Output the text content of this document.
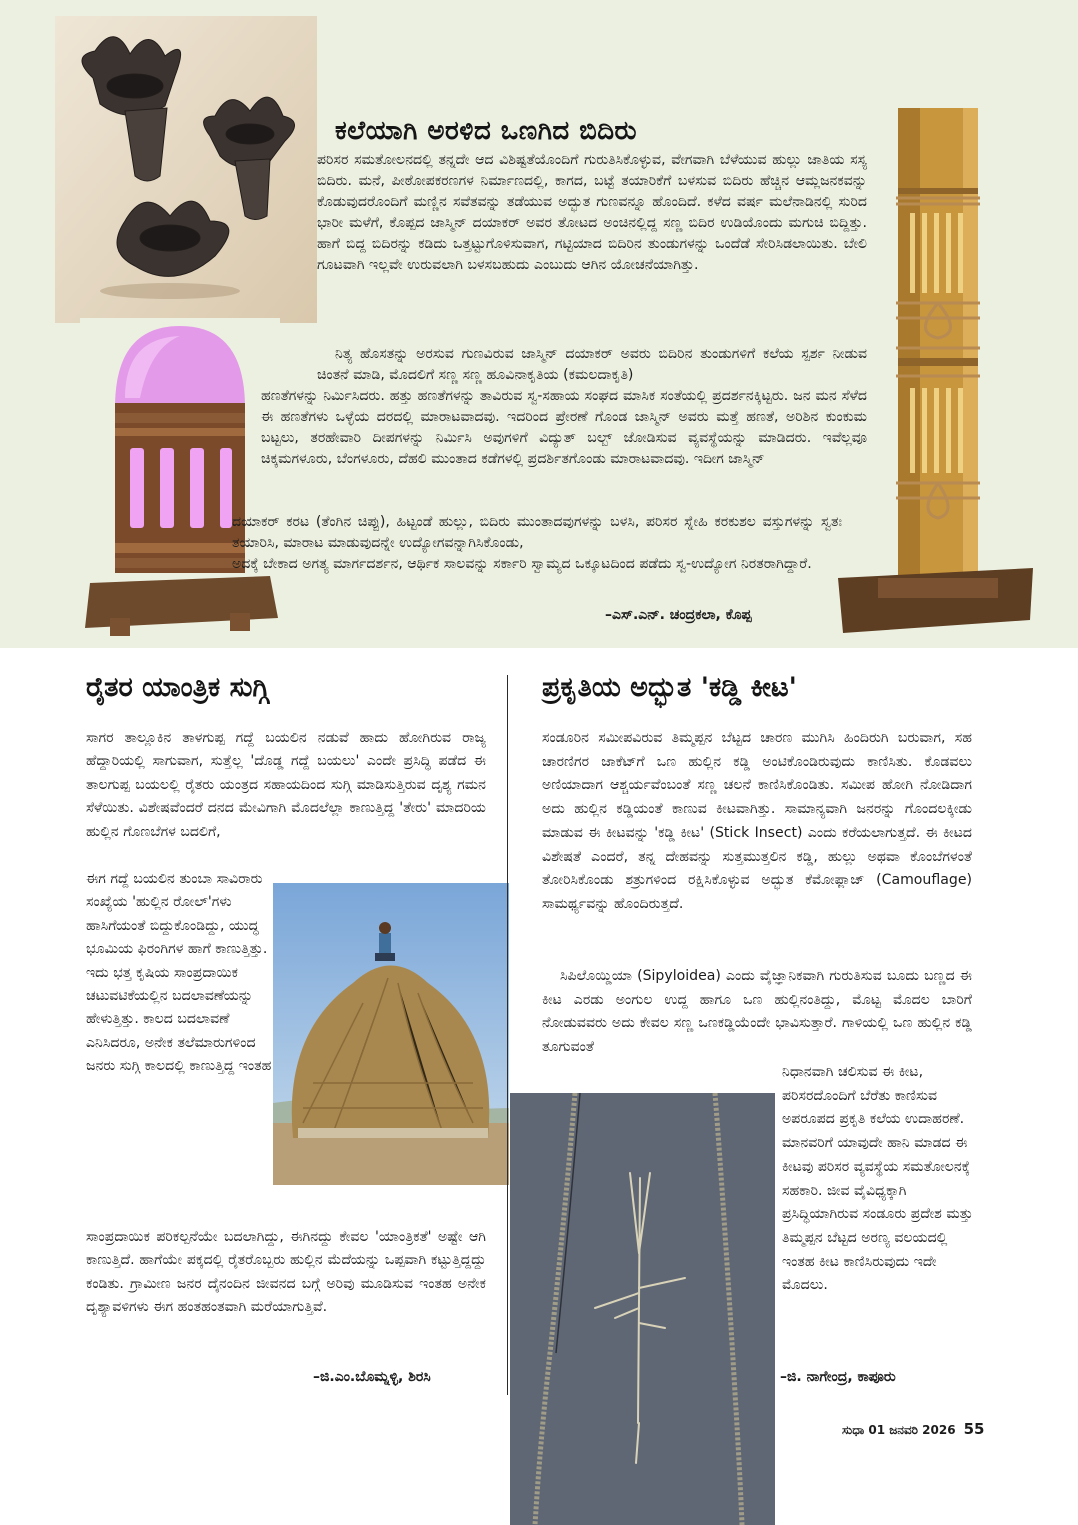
ಕಲೆಯಾಗಿ ಅರಳಿದ ಒಣಗಿದ ಬಿದಿರು

ಪರಿಸರ ಸಮತೋಲನದಲ್ಲಿ ತನ್ನದೇ ಆದ ವಿಶಿಷ್ಟತೆಯೊಂದಿಗೆ ಗುರುತಿಸಿಕೊಳ್ಳುವ, ವೇಗವಾಗಿ ಬೆಳೆಯುವ ಹುಲ್ಲು ಜಾತಿಯ ಸಸ್ಯ ಬಿದಿರು. ಮನೆ, ಪೀಠೋಪಕರಣಗಳ ನಿರ್ಮಾಣದಲ್ಲಿ, ಕಾಗದ, ಬಟ್ಟೆ ತಯಾರಿಕೆಗೆ ಬಳಸುವ ಬಿದಿರು ಹೆಚ್ಚಿನ ಆಮ್ಲಜನಕವನ್ನು ಕೊಡುವುದರೊಂದಿಗೆ ಮಣ್ಣಿನ ಸವೆತವನ್ನು ತಡೆಯುವ ಅದ್ಭುತ ಗುಣವನ್ನೂ ಹೊಂದಿದೆ. ಕಳೆದ ವರ್ಷ ಮಲೆನಾಡಿನಲ್ಲಿ ಸುರಿದ ಭಾರೀ ಮಳೆಗೆ, ಕೊಪ್ಪದ ಜಾಸ್ಮಿನ್ ದಯಾಕರ್ ಅವರ ತೋಟದ ಅಂಚಿನಲ್ಲಿದ್ದ ಸಣ್ಣ ಬಿದಿರ ಉಡಿಯೊಂದು ಮಗುಚಿ ಬಿದ್ದಿತ್ತು. ಹಾಗೆ ಬಿದ್ದ ಬಿದಿರನ್ನು ಕಡಿದು ಒತ್ತಟ್ಟುಗೊಳಿಸುವಾಗ, ಗಟ್ಟಿಯಾದ ಬಿದಿರಿನ ತುಂಡುಗಳನ್ನು ಒಂದೆಡೆ ಸೇರಿಸಿಡಲಾಯಿತು. ಬೇಲಿ ಗೂಟವಾಗಿ ಇಲ್ಲವೇ ಉರುವಲಾಗಿ ಬಳಸಬಹುದು ಎಂಬುದು ಆಗಿನ ಯೋಚನೆಯಾಗಿತ್ತು.

ನಿತ್ಯ ಹೊಸತನ್ನು ಅರಸುವ ಗುಣವಿರುವ ಜಾಸ್ಮಿನ್ ದಯಾಕರ್ ಅವರು ಬಿದಿರಿನ ತುಂಡುಗಳಿಗೆ ಕಲೆಯ ಸ್ಪರ್ಶ ನೀಡುವ ಚಿಂತನೆ ಮಾಡಿ, ಮೊದಲಿಗೆ ಸಣ್ಣ ಸಣ್ಣ ಹೂವಿನಾಕೃತಿಯ (ಕಮಲದಾಕೃತಿ)

ಹಣತೆಗಳನ್ನು ನಿರ್ಮಿಸಿದರು. ಹತ್ತು ಹಣತೆಗಳನ್ನು ತಾವಿರುವ ಸ್ವ-ಸಹಾಯ ಸಂಘದ ಮಾಸಿಕ ಸಂತೆಯಲ್ಲಿ ಪ್ರದರ್ಶನಕ್ಕಿಟ್ಟರು. ಜನ ಮನ ಸೆಳೆದ ಈ ಹಣತೆಗಳು ಒಳ್ಳೆಯ ದರದಲ್ಲಿ ಮಾರಾಟವಾದವು. ಇದರಿಂದ ಪ್ರೇರಣೆ ಗೊಂಡ ಜಾಸ್ಮಿನ್ ಅವರು ಮತ್ತೆ ಹಣತೆ, ಅರಿಶಿನ ಕುಂಕುಮ ಬಟ್ಟಲು, ತರಹೇವಾರಿ ದೀಪಗಳನ್ನು ನಿರ್ಮಿಸಿ ಅವುಗಳಿಗೆ ವಿದ್ಯುತ್ ಬಲ್ಬ್ ಜೋಡಿಸುವ ವ್ಯವಸ್ಥೆಯನ್ನು ಮಾಡಿದರು. ಇವೆಲ್ಲವೂ ಚಿಕ್ಕಮಗಳೂರು, ಬೆಂಗಳೂರು, ದೆಹಲಿ ಮುಂತಾದ ಕಡೆಗಳಲ್ಲಿ ಪ್ರದರ್ಶಿತಗೊಂಡು ಮಾರಾಟವಾದವು. ಇದೀಗ ಜಾಸ್ಮಿನ್

ದಯಾಕರ್ ಕರಟ (ತೆಂಗಿನ ಚಿಪ್ಪು), ಹಿಟ್ಟಂಡೆ ಹುಲ್ಲು, ಬಿದಿರು ಮುಂತಾದವುಗಳನ್ನು ಬಳಸಿ, ಪರಿಸರ ಸ್ನೇಹಿ ಕರಕುಶಲ ವಸ್ತುಗಳನ್ನು ಸ್ವತಃ ತಯಾರಿಸಿ, ಮಾರಾಟ ಮಾಡುವುದನ್ನೇ ಉದ್ಯೋಗವನ್ನಾಗಿಸಿಕೊಂಡು,

ಅದಕ್ಕೆ ಬೇಕಾದ ಅಗತ್ಯ ಮಾರ್ಗದರ್ಶನ, ಆರ್ಥಿಕ ಸಾಲವನ್ನು ಸರ್ಕಾರಿ ಸ್ವಾಮ್ಯದ ಒಕ್ಕೂಟದಿಂದ ಪಡೆದು ಸ್ವ-ಉದ್ಯೋಗ ನಿರತರಾಗಿದ್ದಾರೆ.

–ಎಸ್.ಎನ್. ಚಂದ್ರಕಲಾ, ಕೊಪ್ಪ
ರೈತರ ಯಾಂತ್ರಿಕ ಸುಗ್ಗಿ

ಸಾಗರ ತಾಲ್ಲೂಕಿನ ತಾಳಗುಪ್ಪ ಗದ್ದೆ ಬಯಲಿನ ನಡುವೆ ಹಾದು ಹೋಗಿರುವ ರಾಜ್ಯ ಹೆದ್ದಾರಿಯಲ್ಲಿ ಸಾಗುವಾಗ, ಸುತ್ತೆಲ್ಲ 'ದೊಡ್ಡ ಗದ್ದೆ ಬಯಲು' ಎಂದೇ ಪ್ರಸಿದ್ಧಿ ಪಡೆದ ಈ ತಾಲಗುಪ್ಪ ಬಯಲಲ್ಲಿ ರೈತರು ಯಂತ್ರದ ಸಹಾಯದಿಂದ ಸುಗ್ಗಿ ಮಾಡಿಸುತ್ತಿರುವ ದೃಶ್ಯ ಗಮನ ಸೆಳೆಯಿತು. ವಿಶೇಷವೆಂದರೆ ದನದ ಮೇವಿಗಾಗಿ ಮೊದಲೆಲ್ಲಾ ಕಾಣುತ್ತಿದ್ದ 'ತೇರು' ಮಾದರಿಯ ಹುಲ್ಲಿನ ಗೊಣಬೆಗಳ ಬದಲಿಗೆ,

ಈಗ ಗದ್ದೆ ಬಯಲಿನ ತುಂಬಾ ಸಾವಿರಾರು ಸಂಖ್ಯೆಯ 'ಹುಲ್ಲಿನ ರೋಲ್'ಗಳು ಹಾಸಿಗೆಯಂತೆ ಬಿದ್ದುಕೊಂಡಿದ್ದು, ಯುದ್ಧ ಭೂಮಿಯ ಫಿರಂಗಿಗಳ ಹಾಗೆ ಕಾಣುತ್ತಿತ್ತು. ಇದು ಭತ್ತ ಕೃಷಿಯ ಸಾಂಪ್ರದಾಯಿಕ ಚಟುವಟಿಕೆಯಲ್ಲಿನ ಬದಲಾವಣೆಯನ್ನು ಹೇಳುತ್ತಿತ್ತು. ಕಾಲದ ಬದಲಾವಣೆ ಎನಿಸಿದರೂ, ಅನೇಕ ತಲೆಮಾರುಗಳಿಂದ ಜನರು ಸುಗ್ಗಿ ಕಾಲದಲ್ಲಿ ಕಾಣುತ್ತಿದ್ದ ಇಂತಹ

ಸಾಂಪ್ರದಾಯಿಕ ಪರಿಕಲ್ಪನೆಯೇ ಬದಲಾಗಿದ್ದು, ಈಗಿನದ್ದು ಕೇವಲ 'ಯಾಂತ್ರಿಕತೆ' ಅಷ್ಟೇ ಆಗಿ ಕಾಣುತ್ತಿದೆ. ಹಾಗೆಯೇ ಪಕ್ಕದಲ್ಲಿ ರೈತರೊಬ್ಬರು ಹುಲ್ಲಿನ ಮೆದೆಯನ್ನು ಒಪ್ಪವಾಗಿ ಕಟ್ಟುತ್ತಿದ್ದದ್ದು ಕಂಡಿತು. ಗ್ರಾಮೀಣ ಜನರ ದೈನಂದಿನ ಜೀವನದ ಬಗ್ಗೆ ಅರಿವು ಮೂಡಿಸುವ ಇಂತಹ ಅನೇಕ ದೃಶ್ಯಾವಳಿಗಳು ಈಗ ಹಂತಹಂತವಾಗಿ ಮರೆಯಾಗುತ್ತಿವೆ.

–ಜಿ.ಎಂ.ಬೊಮ್ನಳ್ಳಿ, ಶಿರಸಿ
ಪ್ರಕೃತಿಯ ಅದ್ಭುತ 'ಕಡ್ಡಿ ಕೀಟ'

ಸಂಡೂರಿನ ಸಮೀಪವಿರುವ ತಿಮ್ಮಪ್ಪನ ಬೆಟ್ಟದ ಚಾರಣ ಮುಗಿಸಿ ಹಿಂದಿರುಗಿ ಬರುವಾಗ, ಸಹ ಚಾರಣಿಗರ ಜಾಕೆಟ್‌ಗೆ ಒಣ ಹುಲ್ಲಿನ ಕಡ್ಡಿ ಅಂಟಿಕೊಂಡಿರುವುದು ಕಾಣಿಸಿತು. ಕೊಡವಲು ಅಣಿಯಾದಾಗ ಆಶ್ಚರ್ಯವೆಂಬಂತೆ ಸಣ್ಣ ಚಲನೆ ಕಾಣಿಸಿಕೊಂಡಿತು. ಸಮೀಪ ಹೋಗಿ ನೋಡಿದಾಗ ಅದು ಹುಲ್ಲಿನ ಕಡ್ಡಿಯಂತೆ ಕಾಣುವ ಕೀಟವಾಗಿತ್ತು. ಸಾಮಾನ್ಯವಾಗಿ ಜನರನ್ನು ಗೊಂದಲಕ್ಕೀಡು ಮಾಡುವ ಈ ಕೀಟವನ್ನು 'ಕಡ್ಡಿ ಕೀಟ' (Stick Insect) ಎಂದು ಕರೆಯಲಾಗುತ್ತದೆ. ಈ ಕೀಟದ ವಿಶೇಷತೆ ಎಂದರೆ, ತನ್ನ ದೇಹವನ್ನು ಸುತ್ತಮುತ್ತಲಿನ ಕಡ್ಡಿ, ಹುಲ್ಲು ಅಥವಾ ಕೊಂಬೆಗಳಂತೆ ತೋರಿಸಿಕೊಂಡು ಶತ್ರುಗಳಿಂದ ರಕ್ಷಿಸಿಕೊಳ್ಳುವ ಅದ್ಭುತ ಕೆಮೋಫ್ಲಾಜ್ (Camouflage) ಸಾಮರ್ಥ್ಯವನ್ನು ಹೊಂದಿರುತ್ತದೆ.

ಸಿಪಿಲೊಯ್ಡಿಯಾ (Sipyloidea) ಎಂದು ವೈಜ್ಞಾನಿಕವಾಗಿ ಗುರುತಿಸುವ ಬೂದು ಬಣ್ಣದ ಈ ಕೀಟ ಎರಡು ಅಂಗುಲ ಉದ್ದ ಹಾಗೂ ಒಣ ಹುಲ್ಲಿನಂತಿದ್ದು, ಮೊಟ್ಟ ಮೊದಲ ಬಾರಿಗೆ ನೋಡುವವರು ಅದು ಕೇವಲ ಸಣ್ಣ ಒಣಕಡ್ಡಿಯೆಂದೇ ಭಾವಿಸುತ್ತಾರೆ. ಗಾಳಿಯಲ್ಲಿ ಒಣ ಹುಲ್ಲಿನ ಕಡ್ಡಿ ತೂಗುವಂತೆ

ನಿಧಾನವಾಗಿ ಚಲಿಸುವ ಈ ಕೀಟ, ಪರಿಸರದೊಂದಿಗೆ ಬೆರೆತು ಕಾಣಿಸುವ ಅಪರೂಪದ ಪ್ರಕೃತಿ ಕಲೆಯ ಉದಾಹರಣೆ. ಮಾನವರಿಗೆ ಯಾವುದೇ ಹಾನಿ ಮಾಡದ ಈ ಕೀಟವು ಪರಿಸರ ವ್ಯವಸ್ಥೆಯ ಸಮತೋಲನಕ್ಕೆ ಸಹಕಾರಿ. ಜೀವ ವೈವಿಧ್ಯಕ್ಕಾಗಿ ಪ್ರಸಿದ್ಧಿಯಾಗಿರುವ ಸಂಡೂರು ಪ್ರದೇಶ ಮತ್ತು ತಿಮ್ಮಪ್ಪನ ಬೆಟ್ಟದ ಅರಣ್ಯ ವಲಯದಲ್ಲಿ ಇಂತಹ ಕೀಟ ಕಾಣಿಸಿರುವುದು ಇದೇ ಮೊದಲು.

–ಜಿ. ನಾಗೇಂದ್ರ, ಕಾಪೂರು
ಸುಧಾ 01 ಜನವರಿ 2026 55
